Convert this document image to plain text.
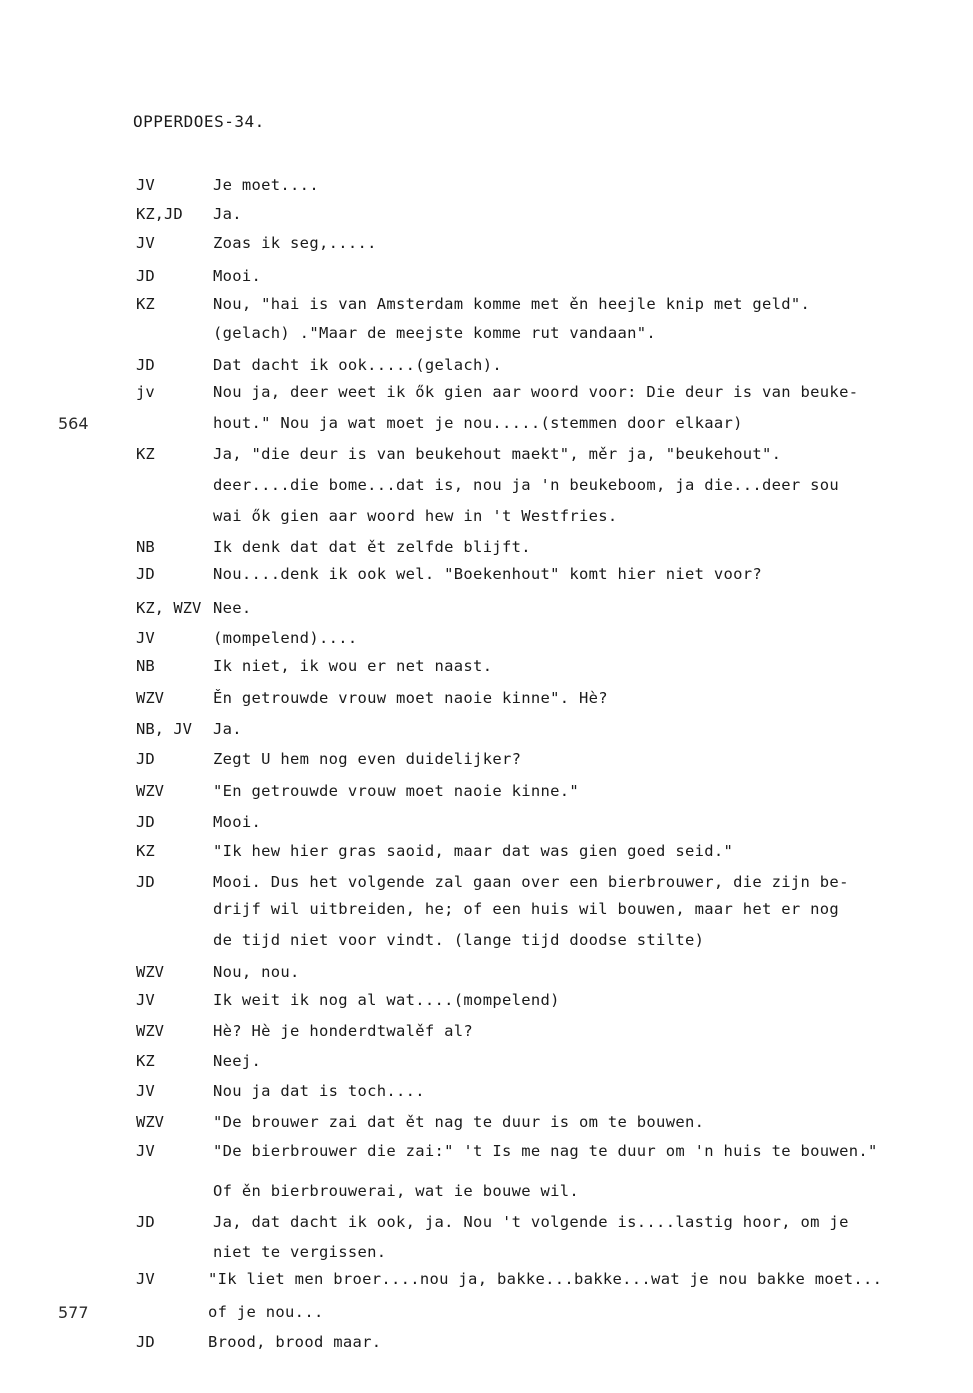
OPPERDOES-34.
564
577
JV	Je moet....
KZ,JD Ja.
JV	Zoas ik seg,.....
JD	Mooi.
KZ	Nou, "hai is van Amsterdam komme met ěn heejle knip met geld".
(gelach) ."Maar de meejste komme rut vandaan".
JD	Dat dacht ik ook.....(gelach).
jv	Nou ja, deer weet ik ők gien aar woord voor: Die deur is van beuke-
hout." Nou ja wat moet je nou.....(stemmen door elkaar)
KZ	Ja, "die deur is van beukehout maekt", měr ja, "beukehout".
deer....die bome...dat is, nou ja 'n beukeboom, ja die...deer sou
wai ők gien aar woord hew in 't Westfries.
NB	Ik denk dat dat ět zelfde blijft.
JD	Nou....denk ik ook wel. "Boekenhout" komt hier niet voor?
KZ, WZV Nee.
JV	(mompelend)....
NB	Ik niet, ik wou er net naast.
WZV	Ěn getrouwde vrouw moet naoie kinne". Hè?
NB, JV Ja.
JD	Zegt U hem nog even duidelijker?
WZV	"En getrouwde vrouw moet naoie kinne."
JD	Mooi.
KZ	"Ik hew hier gras saoid, maar dat was gien goed seid."
JD	Mooi. Dus het volgende zal gaan over een bierbrouwer, die zijn be-
drijf wil uitbreiden, he; of een huis wil bouwen, maar het er nog
de tijd niet voor vindt. (lange tijd doodse stilte)
WZV	Nou, nou.
JV	Ik weit ik nog al wat....(mompelend)
WZV	Hè? Hè je honderdtwalěf al?
KZ	Neej.
JV	Nou ja dat is toch....
WZV	"De brouwer zai dat ět nag te duur is om te bouwen.
JV	"De bierbrouwer die zai:" 't Is me nag te duur om 'n huis te bouwen."
Of ěn bierbrouwerai, wat ie bouwe wil.
JD	Ja, dat dacht ik ook, ja. Nou 't volgende is....lastig hoor, om je
niet te vergissen.
JV	"Ik liet men broer....nou ja, bakke...bakke...wat je nou bakke moet...
of je nou...
JD	Brood, brood maar.
